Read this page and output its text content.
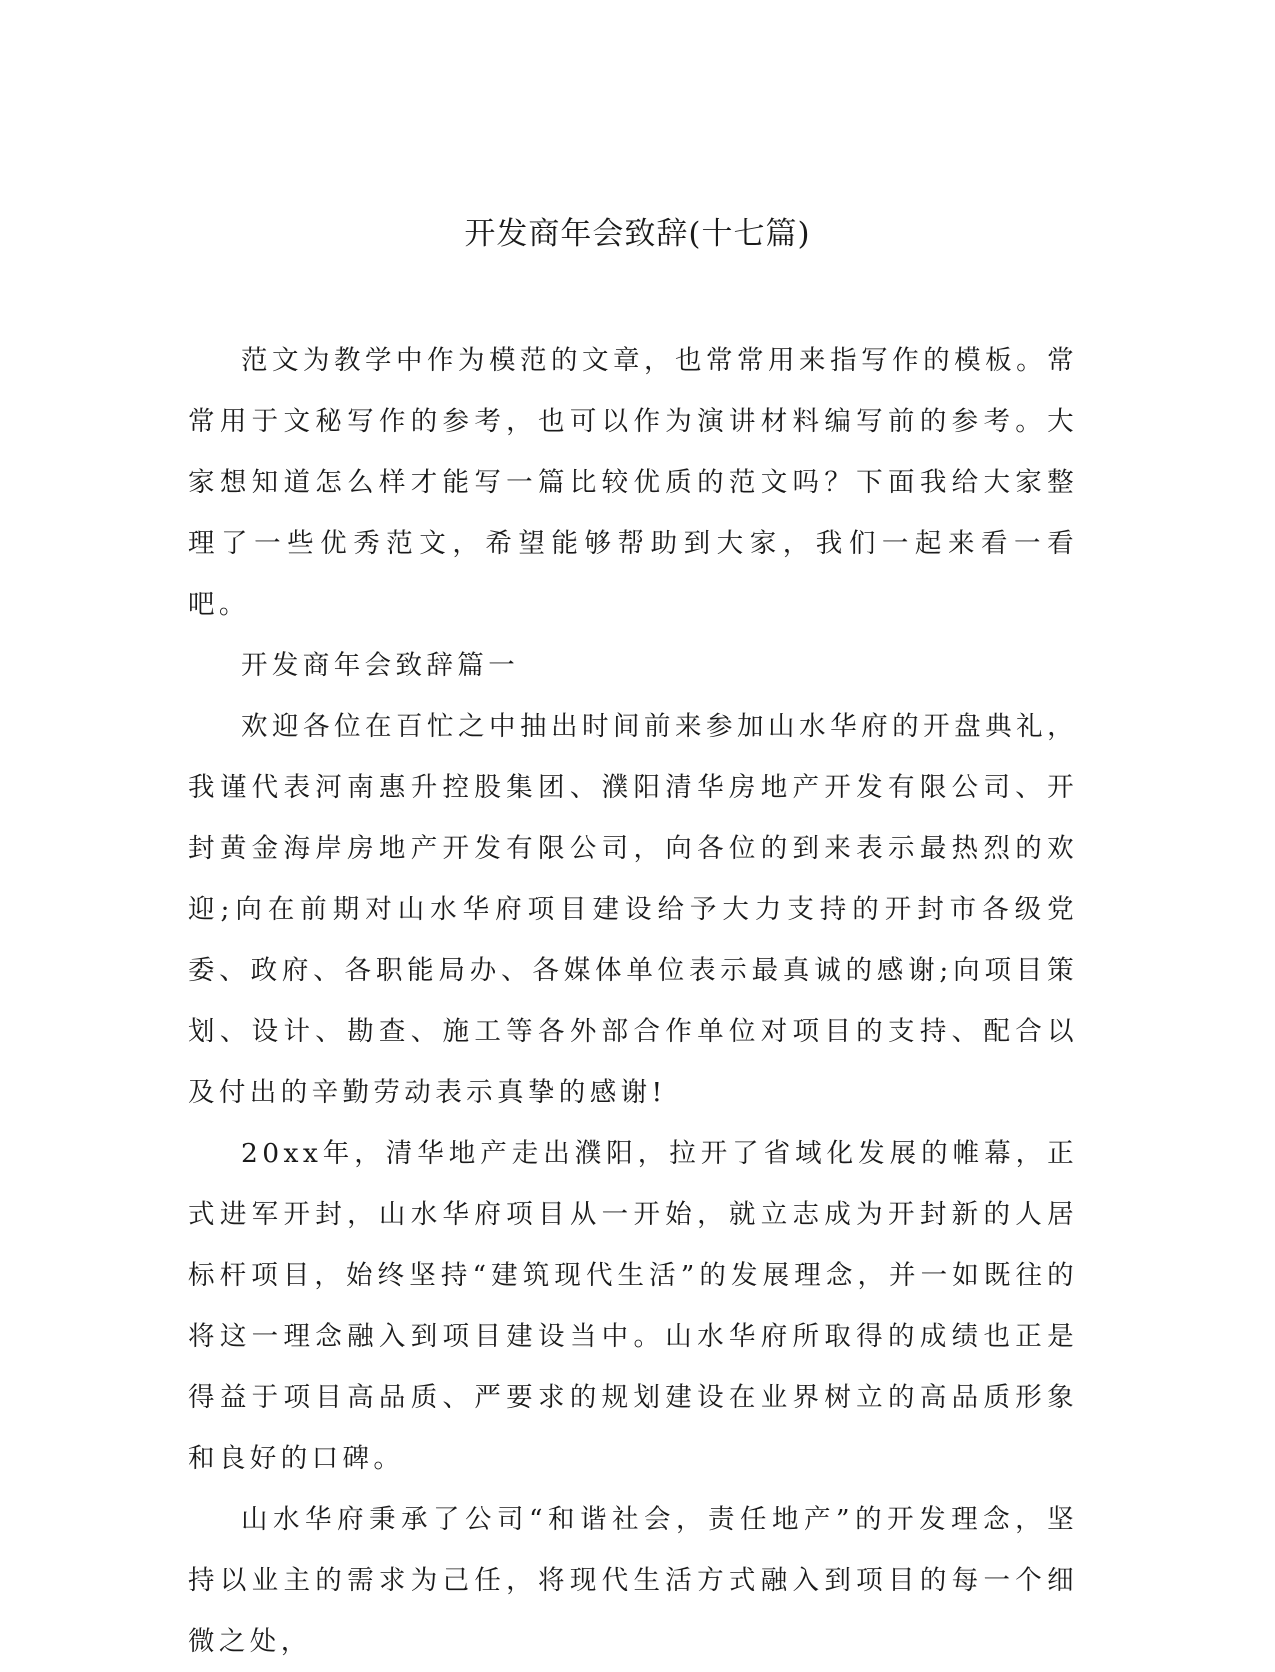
开发商年会致辞(十七篇)

范文为教学中作为模范的文章，也常常用来指写作的模板。常常用于文秘写作的参考，也可以作为演讲材料编写前的参考。大家想知道怎么样才能写一篇比较优质的范文吗？下面我给大家整理了一些优秀范文，希望能够帮助到大家，我们一起来看一看吧。

开发商年会致辞篇一

欢迎各位在百忙之中抽出时间前来参加山水华府的开盘典礼，我谨代表河南惠升控股集团、濮阳清华房地产开发有限公司、开封黄金海岸房地产开发有限公司，向各位的到来表示最热烈的欢迎;向在前期对山水华府项目建设给予大力支持的开封市各级党委、政府、各职能局办、各媒体单位表示最真诚的感谢;向项目策划、设计、勘查、施工等各外部合作单位对项目的支持、配合以及付出的辛勤劳动表示真挚的感谢!

20xx年，清华地产走出濮阳，拉开了省域化发展的帷幕，正式进军开封，山水华府项目从一开始，就立志成为开封新的人居标杆项目，始终坚持“建筑现代生活”的发展理念，并一如既往的将这一理念融入到项目建设当中。山水华府所取得的成绩也正是得益于项目高品质、严要求的规划建设在业界树立的高品质形象和良好的口碑。

山水华府秉承了公司“和谐社会，责任地产”的开发理念，坚持以业主的需求为己任，将现代生活方式融入到项目的每一个细微之处，
